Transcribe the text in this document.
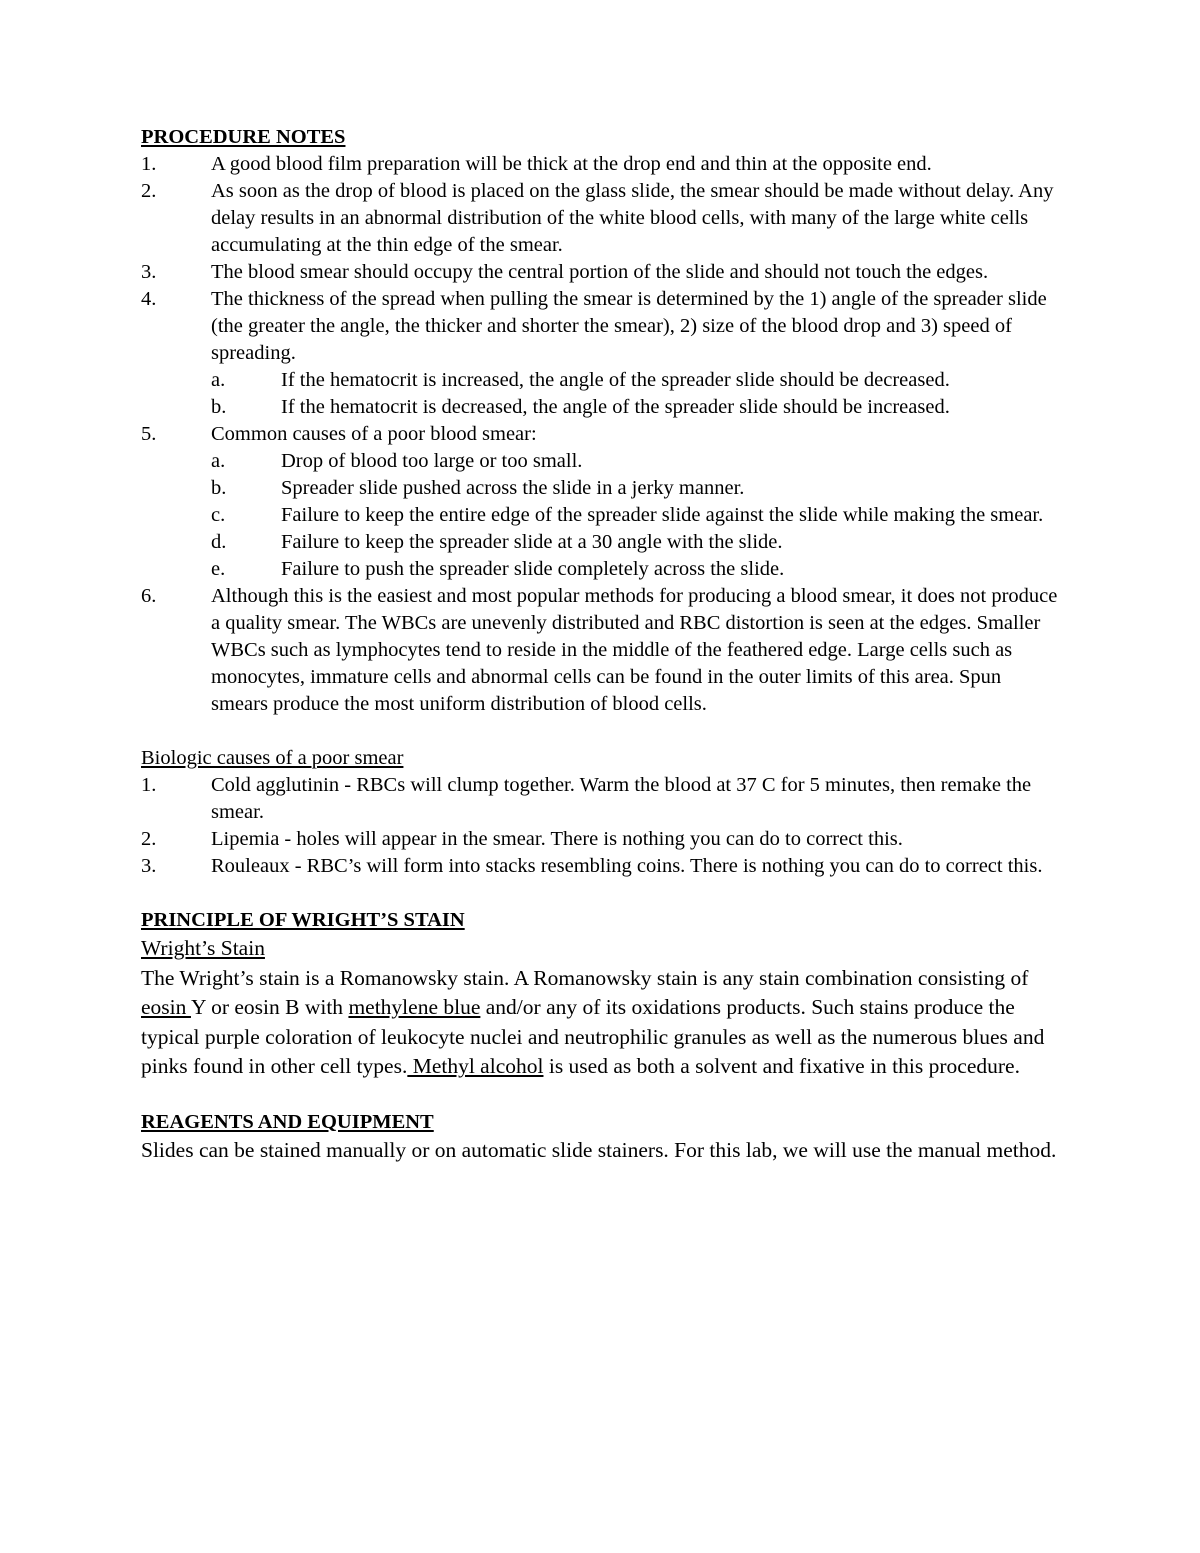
PROCEDURE NOTES
1.	A good blood film preparation will be thick at the drop end and thin at the opposite end.
2.	As soon as the drop of blood is placed on the glass slide, the smear should be made without delay. Any delay results in an abnormal distribution of the white blood cells, with many of the large white cells accumulating at the thin edge of the smear.
3.	The blood smear should occupy the central portion of the slide and should not touch the edges.
4.	The thickness of the spread when pulling the smear is determined by the 1) angle of the spreader slide (the greater the angle, the thicker and shorter the smear), 2) size of the blood drop and 3) speed of spreading.
a.	If the hematocrit is increased, the angle of the spreader slide should be decreased.
b.	If the hematocrit is decreased, the angle of the spreader slide should be increased.
5.	Common causes of a poor blood smear:
a.	Drop of blood too large or too small.
b.	Spreader slide pushed across the slide in a jerky manner.
c.	Failure to keep the entire edge of the spreader slide against the slide while making the smear.
d.	Failure to keep the spreader slide at a 30 angle with the slide.
e.	Failure to push the spreader slide completely across the slide.
6.	Although this is the easiest and most popular methods for producing a blood smear, it does not produce a quality smear. The WBCs are unevenly distributed and RBC distortion is seen at the edges. Smaller WBCs such as lymphocytes tend to reside in the middle of the feathered edge. Large cells such as monocytes, immature cells and abnormal cells can be found in the outer limits of this area. Spun smears produce the most uniform distribution of blood cells.
Biologic causes of a poor smear
1.	Cold agglutinin - RBCs will clump together. Warm the blood at 37 C for 5 minutes, then remake the smear.
2.	Lipemia - holes will appear in the smear. There is nothing you can do to correct this.
3.	Rouleaux - RBC’s will form into stacks resembling coins. There is nothing you can do to correct this.
PRINCIPLE OF WRIGHT’S STAIN
Wright’s Stain
The Wright’s stain is a Romanowsky stain. A Romanowsky stain is any stain combination consisting of eosin Y or eosin B with methylene blue and/or any of its oxidations products. Such stains produce the typical purple coloration of leukocyte nuclei and neutrophilic granules as well as the numerous blues and pinks found in other cell types. Methyl alcohol is used as both a solvent and fixative in this procedure.
REAGENTS AND EQUIPMENT
Slides can be stained manually or on automatic slide stainers. For this lab, we will use the manual method.
